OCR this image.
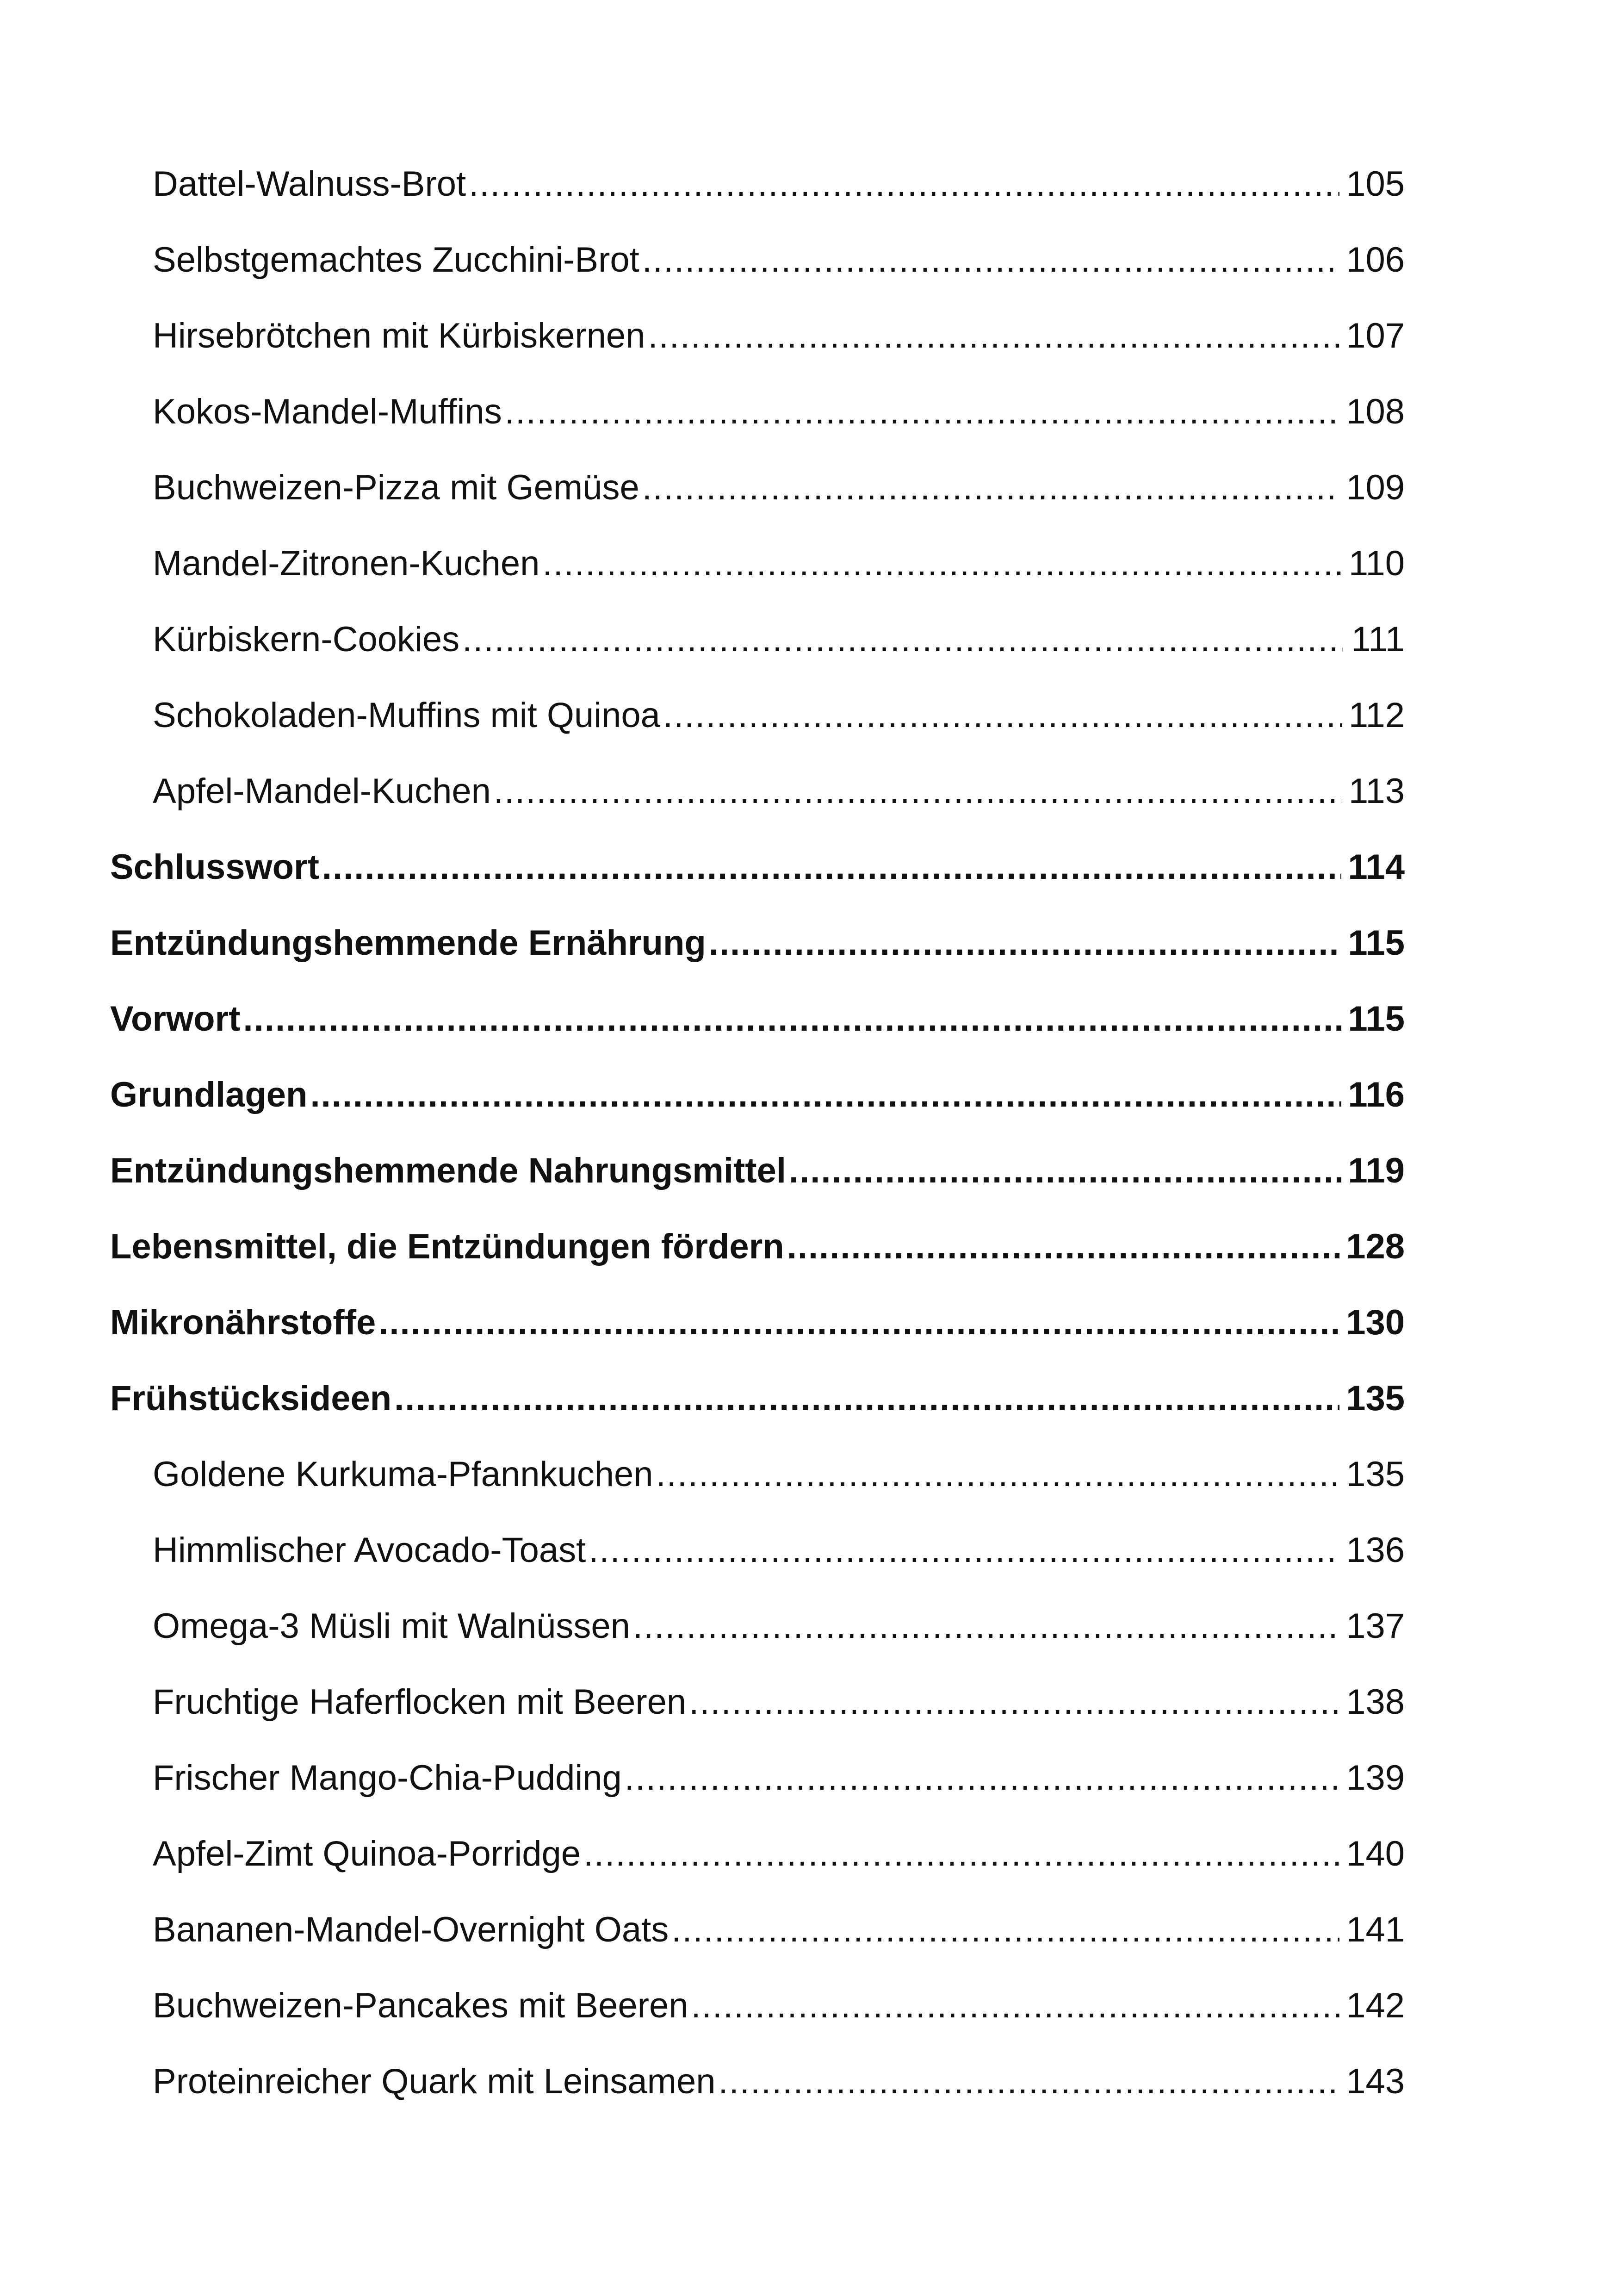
Dattel-Walnuss-Brot .....	105
Selbstgemachtes Zucchini-Brot .....	106
Hirsebrötchen mit Kürbiskernen .....	107
Kokos-Mandel-Muffins .....	108
Buchweizen-Pizza mit Gemüse .....	109
Mandel-Zitronen-Kuchen .....	110
Kürbiskern-Cookies .....	111
Schokoladen-Muffins mit Quinoa .....	112
Apfel-Mandel-Kuchen .....	113
Schlusswort .....	114
Entzündungshemmende Ernährung .....	115
Vorwort .....	115
Grundlagen .....	116
Entzündungshemmende Nahrungsmittel .....	119
Lebensmittel, die Entzündungen fördern .....	128
Mikronährstoffe .....	130
Frühstücksideen .....	135
Goldene Kurkuma-Pfannkuchen .....	135
Himmlischer Avocado-Toast .....	136
Omega-3 Müsli mit Walnüssen .....	137
Fruchtige Haferflocken mit Beeren .....	138
Frischer Mango-Chia-Pudding .....	139
Apfel-Zimt Quinoa-Porridge .....	140
Bananen-Mandel-Overnight Oats .....	141
Buchweizen-Pancakes mit Beeren .....	142
Proteinreicher Quark mit Leinsamen .....	143
